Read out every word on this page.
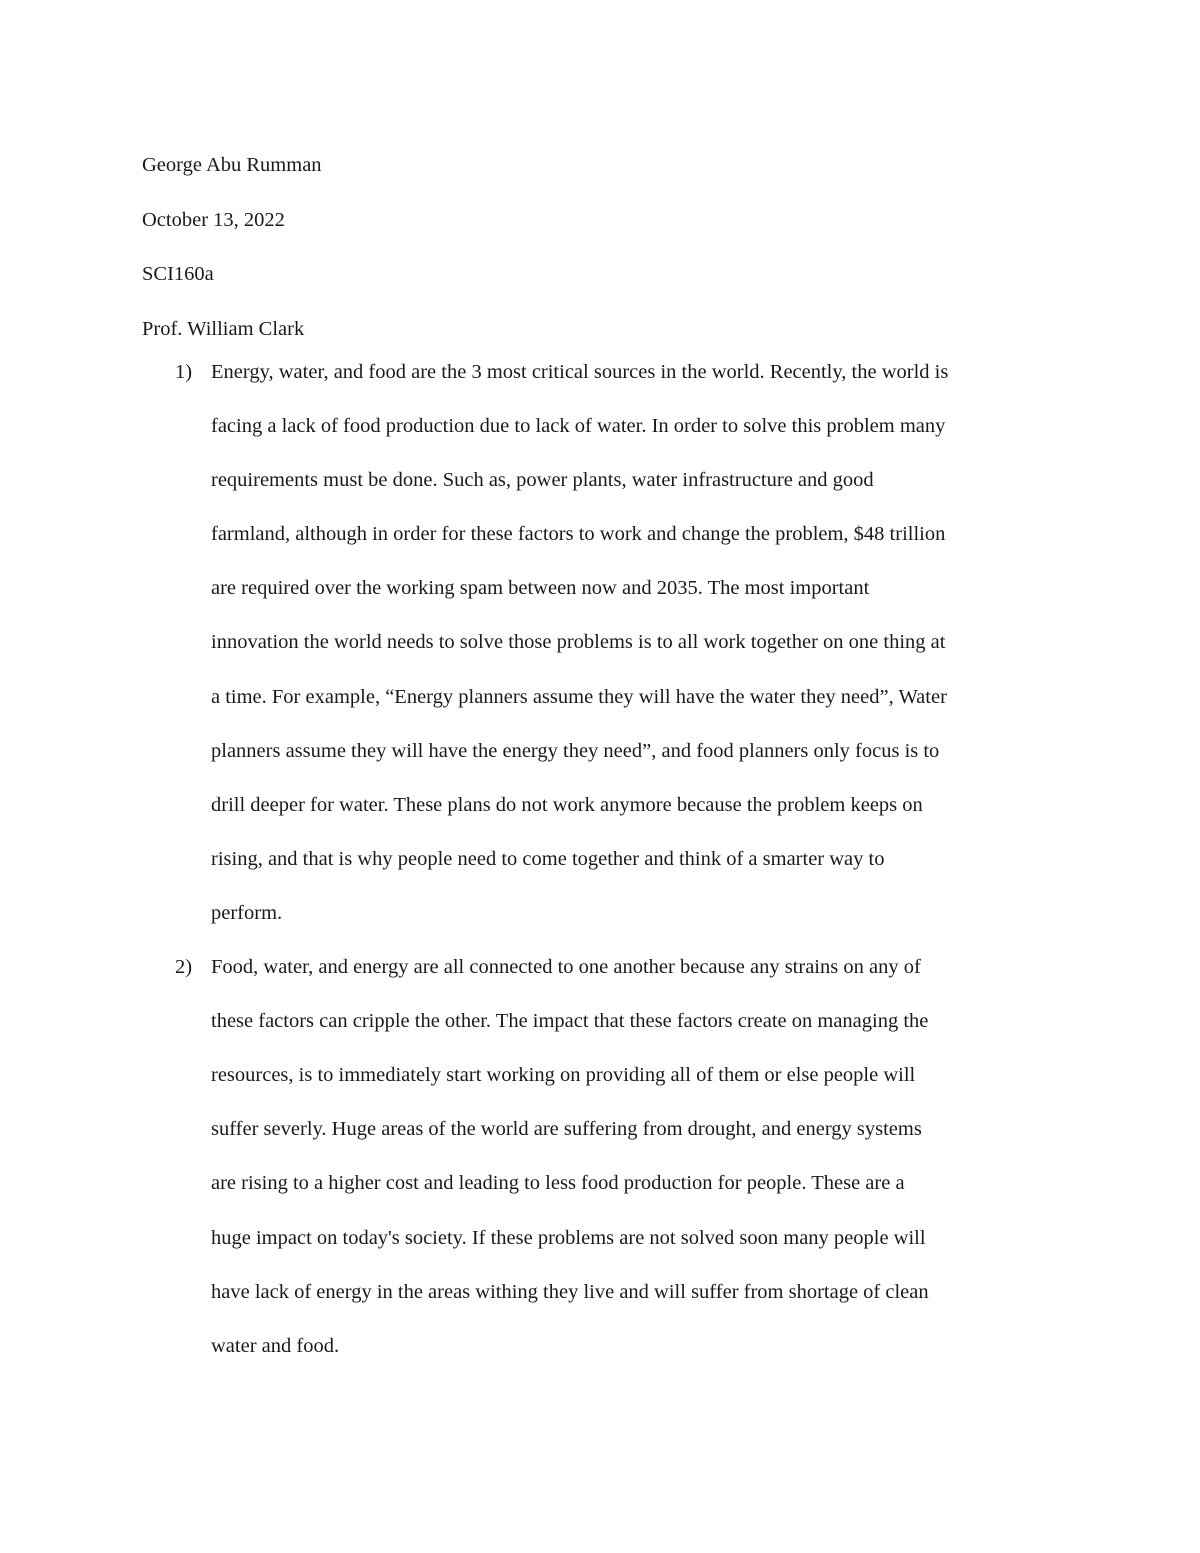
George Abu Rumman
October 13, 2022
SCI160a
Prof. William Clark
1) Energy, water, and food are the 3 most critical sources in the world. Recently, the world is
facing a lack of food production due to lack of water. In order to solve this problem many
requirements must be done. Such as, power plants, water infrastructure and good
farmland, although in order for these factors to work and change the problem, $48 trillion
are required over the working spam between now and 2035. The most important
innovation the world needs to solve those problems is to all work together on one thing at
a time. For example, “Energy planners assume they will have the water they need”, Water
planners assume they will have the energy they need”, and food planners only focus is to
drill deeper for water. These plans do not work anymore because the problem keeps on
rising, and that is why people need to come together and think of a smarter way to
perform.
2) Food, water, and energy are all connected to one another because any strains on any of
these factors can cripple the other. The impact that these factors create on managing the
resources, is to immediately start working on providing all of them or else people will
suffer severly. Huge areas of the world are suffering from drought, and energy systems
are rising to a higher cost and leading to less food production for people. These are a
huge impact on today's society. If these problems are not solved soon many people will
have lack of energy in the areas withing they live and will suffer from shortage of clean
water and food.
